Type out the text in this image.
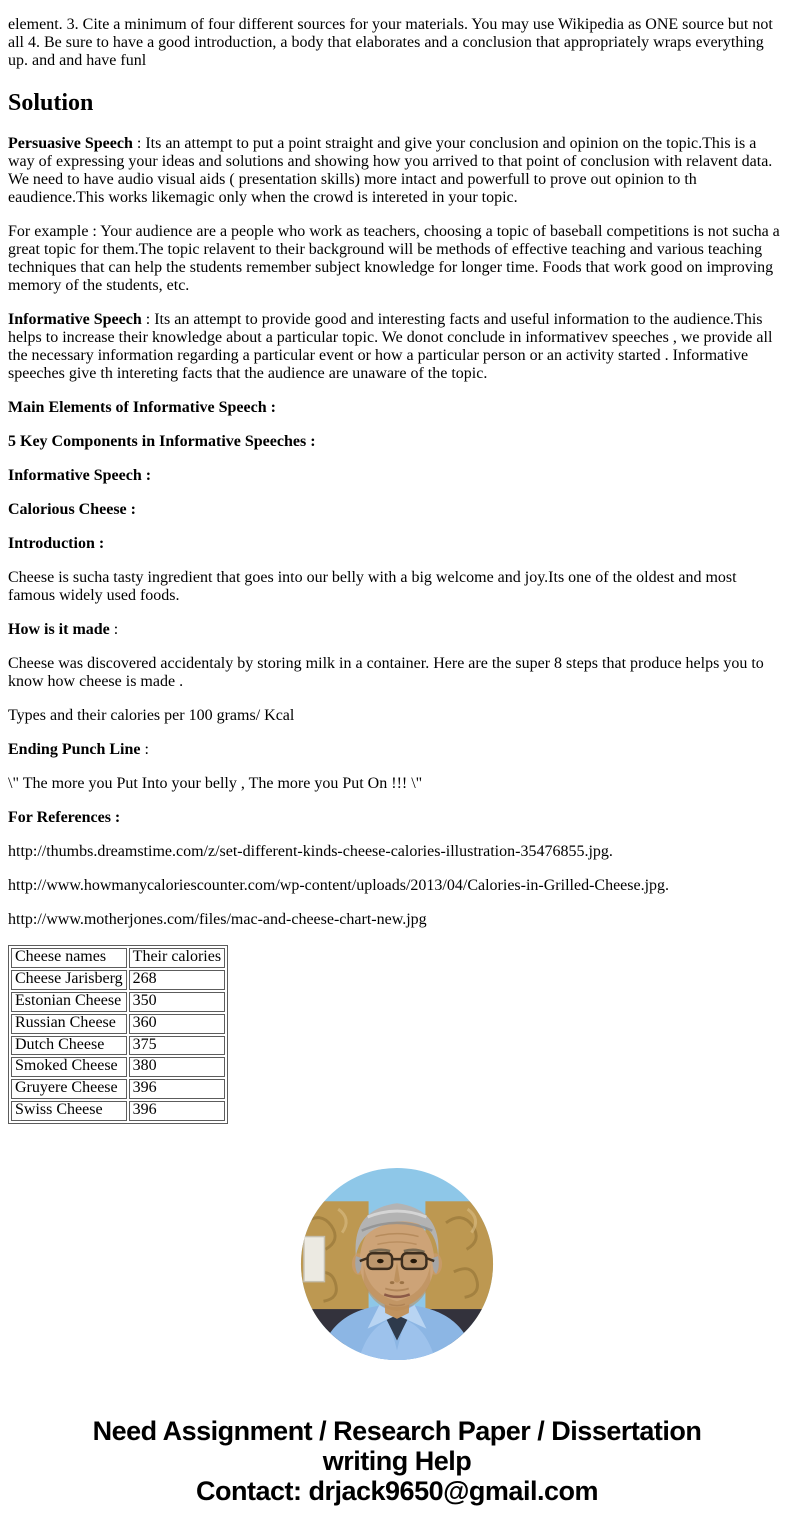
element. 3. Cite a minimum of four different sources for your materials. You may use Wikipedia as ONE source but not all 4. Be sure to have a good introduction, a body that elaborates and a conclusion that appropriately wraps everything up. and and have funl

Solution

Persuasive Speech : Its an attempt to put a point straight and give your conclusion and opinion on the topic.This is a way of expressing your ideas and solutions and showing how you arrived to that point of conclusion with relavent data. We need to have audio visual aids ( presentation skills) more intact and powerfull to prove out opinion to th eaudience.This works likemagic only when the crowd is intereted in your topic.

For example : Your audience are a people who work as teachers, choosing a topic of baseball competitions is not sucha a great topic for them.The topic relavent to their background will be methods of effective teaching and various teaching techniques that can help the students remember subject knowledge for longer time. Foods that work good on improving memory of the students, etc.

Informative Speech : Its an attempt to provide good and interesting facts and useful information to the audience.This helps to increase their knowledge about a particular topic. We donot conclude in informativev speeches , we provide all the necessary information regarding a particular event or how a particular person or an activity started . Informative speeches give th intereting facts that the audience are unaware of the topic.

Main Elements of Informative Speech :

5 Key Components in Informative Speeches :

Informative Speech :

Calorious Cheese :

Introduction :

Cheese is sucha tasty ingredient that goes into our belly with a big welcome and joy.Its one of the oldest and most famous widely used foods.

How is it made :

Cheese was discovered accidentaly by storing milk in a container. Here are the super 8 steps that produce helps you to know how cheese is made .

Types and their calories per 100 grams/ Kcal

Ending Punch Line :

\" The more you Put Into your belly , The more you Put On !!! \"

For References :

http://thumbs.dreamstime.com/z/set-different-kinds-cheese-calories-illustration-35476855.jpg.

http://www.howmanycaloriescounter.com/wp-content/uploads/2013/04/Calories-in-Grilled-Cheese.jpg.

http://www.motherjones.com/files/mac-and-cheese-chart-new.jpg

Cheese names	Their calories
Cheese Jarisberg	268
Estonian Cheese	350
Russian Cheese	360
Dutch Cheese	375
Smoked Cheese	380
Gruyere Cheese	396
Swiss Cheese	396
Need Assignment / Research Paper / Dissertation
writing Help
Contact: drjack9650@gmail.com
